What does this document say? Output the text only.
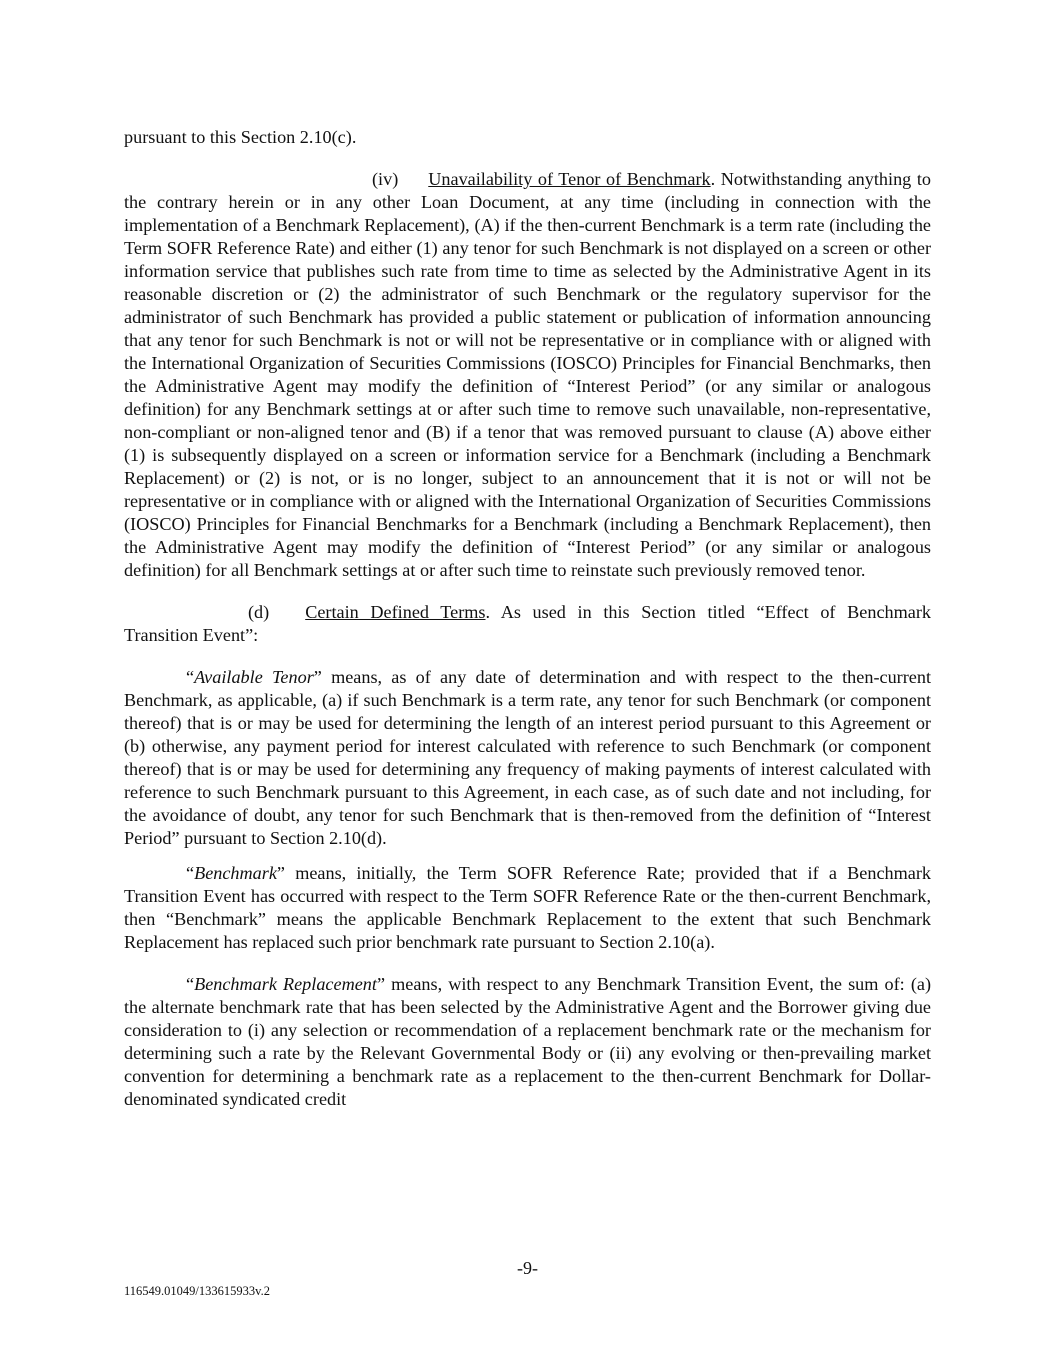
pursuant to this Section 2.10(c).

(iv) Unavailability of Tenor of Benchmark. Notwithstanding anything to the contrary herein or in any other Loan Document, at any time (including in connection with the implementation of a Benchmark Replacement), (A) if the then-current Benchmark is a term rate (including the Term SOFR Reference Rate) and either (1) any tenor for such Benchmark is not displayed on a screen or other information service that publishes such rate from time to time as selected by the Administrative Agent in its reasonable discretion or (2) the administrator of such Benchmark or the regulatory supervisor for the administrator of such Benchmark has provided a public statement or publication of information announcing that any tenor for such Benchmark is not or will not be representative or in compliance with or aligned with the International Organization of Securities Commissions (IOSCO) Principles for Financial Benchmarks, then the Administrative Agent may modify the definition of “Interest Period” (or any similar or analogous definition) for any Benchmark settings at or after such time to remove such unavailable, non-representative, non-compliant or non-aligned tenor and (B) if a tenor that was removed pursuant to clause (A) above either (1) is subsequently displayed on a screen or information service for a Benchmark (including a Benchmark Replacement) or (2) is not, or is no longer, subject to an announcement that it is not or will not be representative or in compliance with or aligned with the International Organization of Securities Commissions (IOSCO) Principles for Financial Benchmarks for a Benchmark (including a Benchmark Replacement), then the Administrative Agent may modify the definition of “Interest Period” (or any similar or analogous definition) for all Benchmark settings at or after such time to reinstate such previously removed tenor.

(d) Certain Defined Terms. As used in this Section titled “Effect of Benchmark Transition Event”:

“Available Tenor” means, as of any date of determination and with respect to the then-current Benchmark, as applicable, (a) if such Benchmark is a term rate, any tenor for such Benchmark (or component thereof) that is or may be used for determining the length of an interest period pursuant to this Agreement or (b) otherwise, any payment period for interest calculated with reference to such Benchmark (or component thereof) that is or may be used for determining any frequency of making payments of interest calculated with reference to such Benchmark pursuant to this Agreement, in each case, as of such date and not including, for the avoidance of doubt, any tenor for such Benchmark that is then-removed from the definition of “Interest Period” pursuant to Section 2.10(d).

“Benchmark” means, initially, the Term SOFR Reference Rate; provided that if a Benchmark Transition Event has occurred with respect to the Term SOFR Reference Rate or the then-current Benchmark, then “Benchmark” means the applicable Benchmark Replacement to the extent that such Benchmark Replacement has replaced such prior benchmark rate pursuant to Section 2.10(a).

“Benchmark Replacement” means, with respect to any Benchmark Transition Event, the sum of: (a) the alternate benchmark rate that has been selected by the Administrative Agent and the Borrower giving due consideration to (i) any selection or recommendation of a replacement benchmark rate or the mechanism for determining such a rate by the Relevant Governmental Body or (ii) any evolving or then-prevailing market convention for determining a benchmark rate as a replacement to the then-current Benchmark for Dollar-denominated syndicated credit

-9-
116549.01049/133615933v.2
